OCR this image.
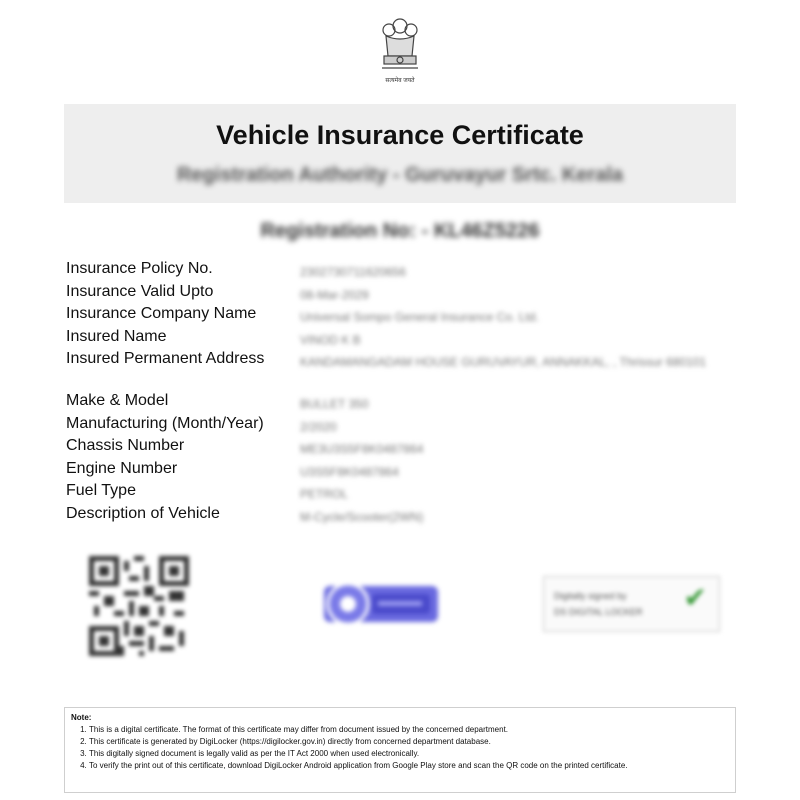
सत्यमेव जयते
Vehicle Insurance Certificate
Registration Authority - Guruvayur Srtc. Kerala
Registration No: - KL46Z5226
Insurance Policy No.	2302730711620656
Insurance Valid Upto	08-Mar-2029
Insurance Company Name	Universal Sompo General Insurance Co. Ltd.
Insured Name	VINOD K B
Insured Permanent Address	KANDAMANGADAM HOUSE GURUVAYUR, ANNAKKAL, , Thrissur 680101
Make & Model	BULLET 350
Manufacturing (Month/Year)	2/2020
Chassis Number	ME3U3S5F8K0487864
Engine Number	U3S5F8K0487864
Fuel Type	PETROL
Description of Vehicle	M-Cycle/Scooter(2WN)
Digitally signed by
DS DIGITAL LOCKER ✔
Note:
1. This is a digital certificate. The format of this certificate may differ from document issued by the concerned department.
2. This certificate is generated by DigiLocker (https://digilocker.gov.in) directly from concerned department database.
3. This digitally signed document is legally valid as per the IT Act 2000 when used electronically.
4. To verify the print out of this certificate, download DigiLocker Android application from Google Play store and scan the QR code on the printed certificate.
